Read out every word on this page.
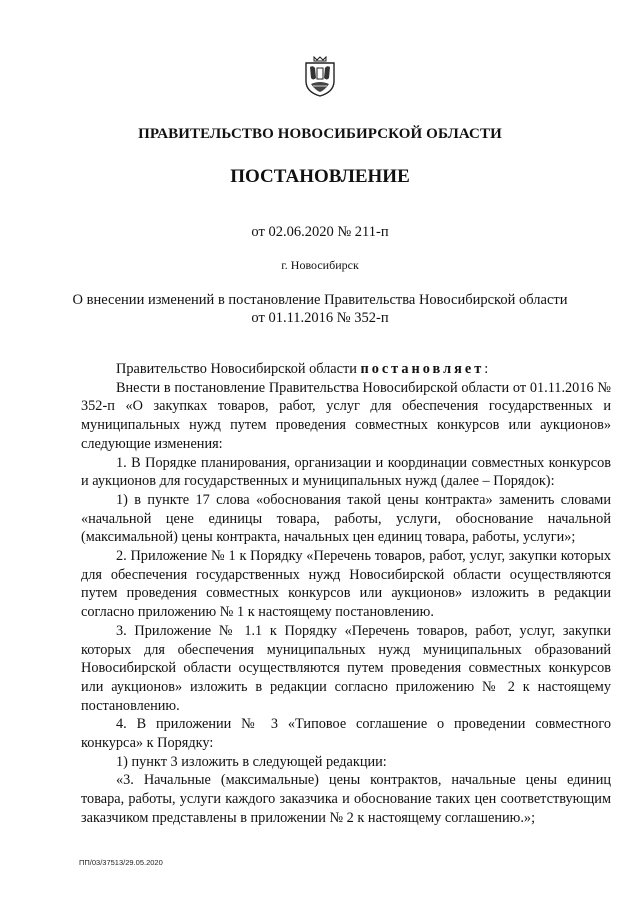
ПРАВИТЕЛЬСТВО НОВОСИБИРСКОЙ ОБЛАСТИ
ПОСТАНОВЛЕНИЕ
от 02.06.2020 № 211-п
г. Новосибирск
О внесении изменений в постановление Правительства Новосибирской области
от 01.11.2016 № 352-п

Правительство Новосибирской области постановляет:

Внести в постановление Правительства Новосибирской области от 01.11.2016 № 352-п «О закупках товаров, работ, услуг для обеспечения государственных и муниципальных нужд путем проведения совместных конкурсов или аукционов» следующие изменения:

1. В Порядке планирования, организации и координации совместных конкурсов и аукционов для государственных и муниципальных нужд (далее – Порядок):

1) в пункте 17 слова «обоснования такой цены контракта» заменить словами «начальной цене единицы товара, работы, услуги, обоснование начальной (максимальной) цены контракта, начальных цен единиц товара, работы, услуги»;

2. Приложение № 1 к Порядку «Перечень товаров, работ, услуг, закупки которых для обеспечения государственных нужд Новосибирской области осуществляются путем проведения совместных конкурсов или аукционов» изложить в редакции согласно приложению № 1 к настоящему постановлению.

3. Приложение № 1.1 к Порядку «Перечень товаров, работ, услуг, закупки которых для обеспечения муниципальных нужд муниципальных образований Новосибирской области осуществляются путем проведения совместных конкурсов или аукционов» изложить в редакции согласно приложению № 2 к настоящему постановлению.

4. В приложении № 3 «Типовое соглашение о проведении совместного конкурса» к Порядку:

1) пункт 3 изложить в следующей редакции:

«3. Начальные (максимальные) цены контрактов, начальные цены единиц товара, работы, услуги каждого заказчика и обоснование таких цен соответствующим заказчиком представлены в приложении № 2 к настоящему соглашению.»;

ПП/03/37513/29.05.2020
